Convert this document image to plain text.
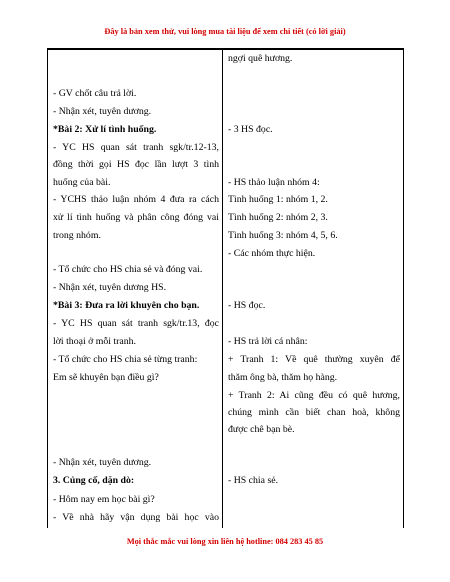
Đây là bản xem thử, vui lòng mua tài liệu để xem chi tiết (có lời giải)
- GV chốt câu trả lời.
- Nhận xét, tuyên dương.
*Bài 2: Xử lí tình huống.
- YC HS quan sát tranh sgk/tr.12-13,
đồng thời gọi HS đọc lần lượt 3 tình
huống của bài.
- YCHS thảo luận nhóm 4 đưa ra cách
xử lí tình huống và phân công đóng vai
trong nhóm.
- Tổ chức cho HS chia sẻ và đóng vai.
- Nhận xét, tuyên dương HS.
*Bài 3: Đưa ra lời khuyên cho bạn.
- YC HS quan sát tranh sgk/tr.13, đọc
lời thoại ở mỗi tranh.
- Tổ chức cho HS chia sẻ từng tranh:
Em sẽ khuyên bạn điều gì?
- Nhận xét, tuyên dương.
3. Củng cố, dặn dò:
- Hôm nay em học bài gì?
- Về nhà hãy vận dụng bài học vào
ngợi quê hương.
- 3 HS đọc.
- HS thảo luận nhóm 4:
Tình huống 1: nhóm 1, 2.
Tình huống 2: nhóm 2, 3.
Tình huống 3: nhóm 4, 5, 6.
- Các nhóm thực hiện.
- HS đọc.
- HS trả lời cá nhân:
+ Tranh 1: Về quê thường xuyên để
thăm ông bà, thăm họ hàng.
+ Tranh 2: Ai cũng đều có quê hương,
chúng mình cần biết chan hoà, không
được chê bạn bè.
- HS chia sẻ.
Mọi thắc mắc vui lòng xin liên hệ hotline: 084 283 45 85
